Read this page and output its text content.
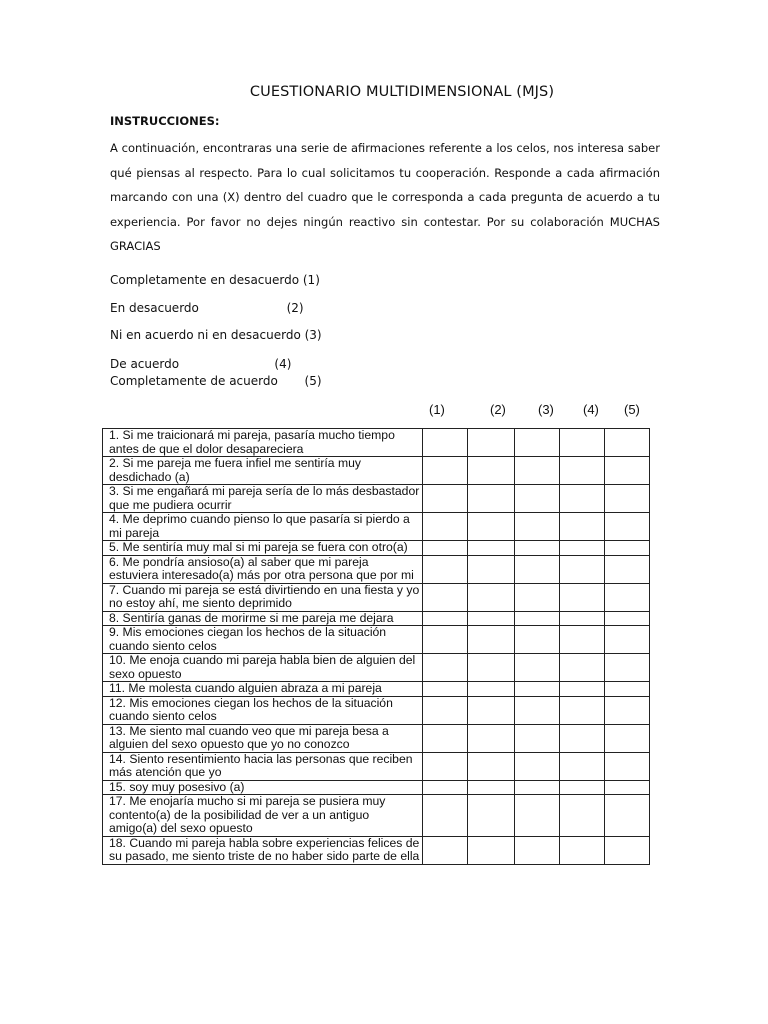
CUESTIONARIO MULTIDIMENSIONAL (MJS)
INSTRUCCIONES:

A continuación, encontraras una serie de afirmaciones referente a los celos, nos interesa saber qué piensas al respecto. Para lo cual solicitamos tu cooperación. Responde a cada afirmación marcando con una (X) dentro del cuadro que le corresponda a cada pregunta de acuerdo a tu experiencia. Por favor no dejes ningún reactivo sin contestar. Por su colaboración MUCHAS GRACIAS

Completamente en desacuerdo (1)

En desacuerdo                       (2)

Ni en acuerdo ni en desacuerdo (3)

De acuerdo                         (4)

Completamente de acuerdo       (5)

(1)	(2) (3) (4) (5)
1. Si me traicionará mi pareja, pasaría mucho tiempo antes de que el dolor desapareciera					
2. Si me pareja me fuera infiel me sentiría muy desdichado (a)					
3. Si me engañará mi pareja sería de lo más desbastador que me pudiera ocurrir					
4. Me deprimo cuando pienso lo que pasaría si pierdo a mi pareja					
5. Me sentiría muy mal si mi pareja se fuera con otro(a)					
6. Me pondría ansioso(a) al saber que mi pareja estuviera interesado(a) más por otra persona que por mi					
7. Cuando mi pareja se está divirtiendo en una fiesta y yo no estoy ahí, me siento deprimido					
8. Sentiría ganas de morirme si me pareja me dejara					
9. Mis emociones ciegan los hechos de la situación cuando siento celos					
10. Me enoja cuando mi pareja habla bien de alguien del sexo opuesto					
11. Me molesta cuando alguien abraza a mi pareja					
12. Mis emociones ciegan los hechos de la situación cuando siento celos					
13. Me siento mal cuando veo que mi pareja besa a alguien del sexo opuesto que yo no conozco					
14. Siento resentimiento hacia las personas que reciben más atención que yo					
15. soy muy posesivo (a)					
17. Me enojaría mucho si mi pareja se pusiera muy contento(a) de la posibilidad de ver a un antiguo amigo(a) del sexo opuesto					
18. Cuando mi pareja habla sobre experiencias felices de su pasado, me siento triste de no haber sido parte de ella					
